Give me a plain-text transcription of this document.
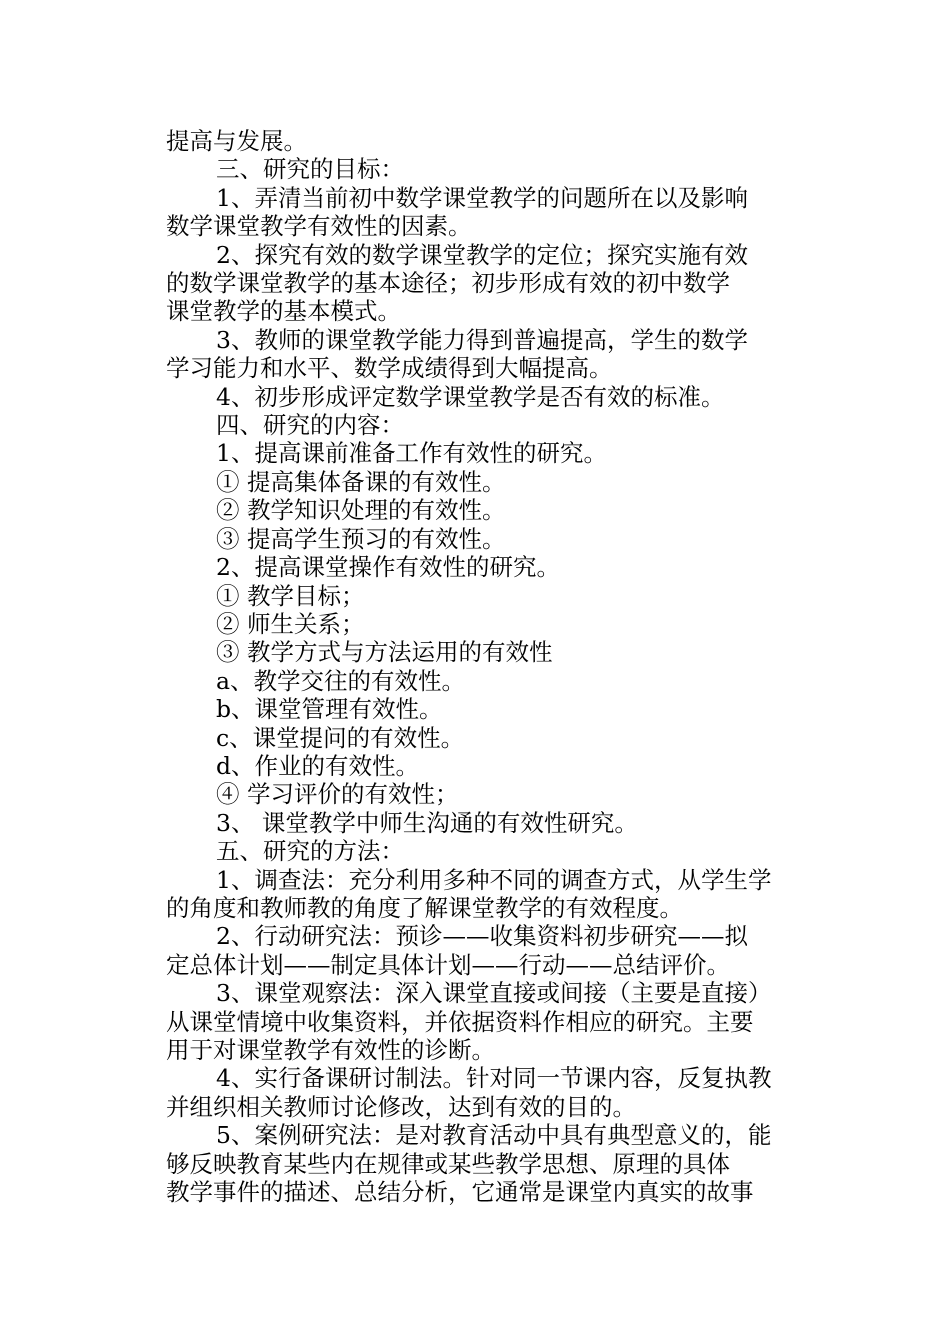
提高与发展。
三、研究的目标：
1、弄清当前初中数学课堂教学的问题所在以及影响
数学课堂教学有效性的因素。
2、探究有效的数学课堂教学的定位；探究实施有效
的数学课堂教学的基本途径；初步形成有效的初中数学
课堂教学的基本模式。
3、教师的课堂教学能力得到普遍提高，学生的数学
学习能力和水平、数学成绩得到大幅提高。
4、初步形成评定数学课堂教学是否有效的标准。
四、研究的内容：
1、提高课前准备工作有效性的研究。
① 提高集体备课的有效性。
② 教学知识处理的有效性。
③ 提高学生预习的有效性。
2、提高课堂操作有效性的研究。
① 教学目标；
② 师生关系；
③ 教学方式与方法运用的有效性
a、教学交往的有效性。
b、课堂管理有效性。
c、课堂提问的有效性。
d、作业的有效性。
④ 学习评价的有效性；
3、 课堂教学中师生沟通的有效性研究。
五、研究的方法：
1、调查法：充分利用多种不同的调查方式，从学生学
的角度和教师教的角度了解课堂教学的有效程度。
2、行动研究法：预诊——收集资料初步研究——拟
定总体计划——制定具体计划——行动——总结评价。
3、课堂观察法：深入课堂直接或间接（主要是直接）
从课堂情境中收集资料，并依据资料作相应的研究。主要
用于对课堂教学有效性的诊断。
4、实行备课研讨制法。针对同一节课内容，反复执教
并组织相关教师讨论修改，达到有效的目的。
5、案例研究法：是对教育活动中具有典型意义的，能
够反映教育某些内在规律或某些教学思想、原理的具体
教学事件的描述、总结分析，它通常是课堂内真实的故事
